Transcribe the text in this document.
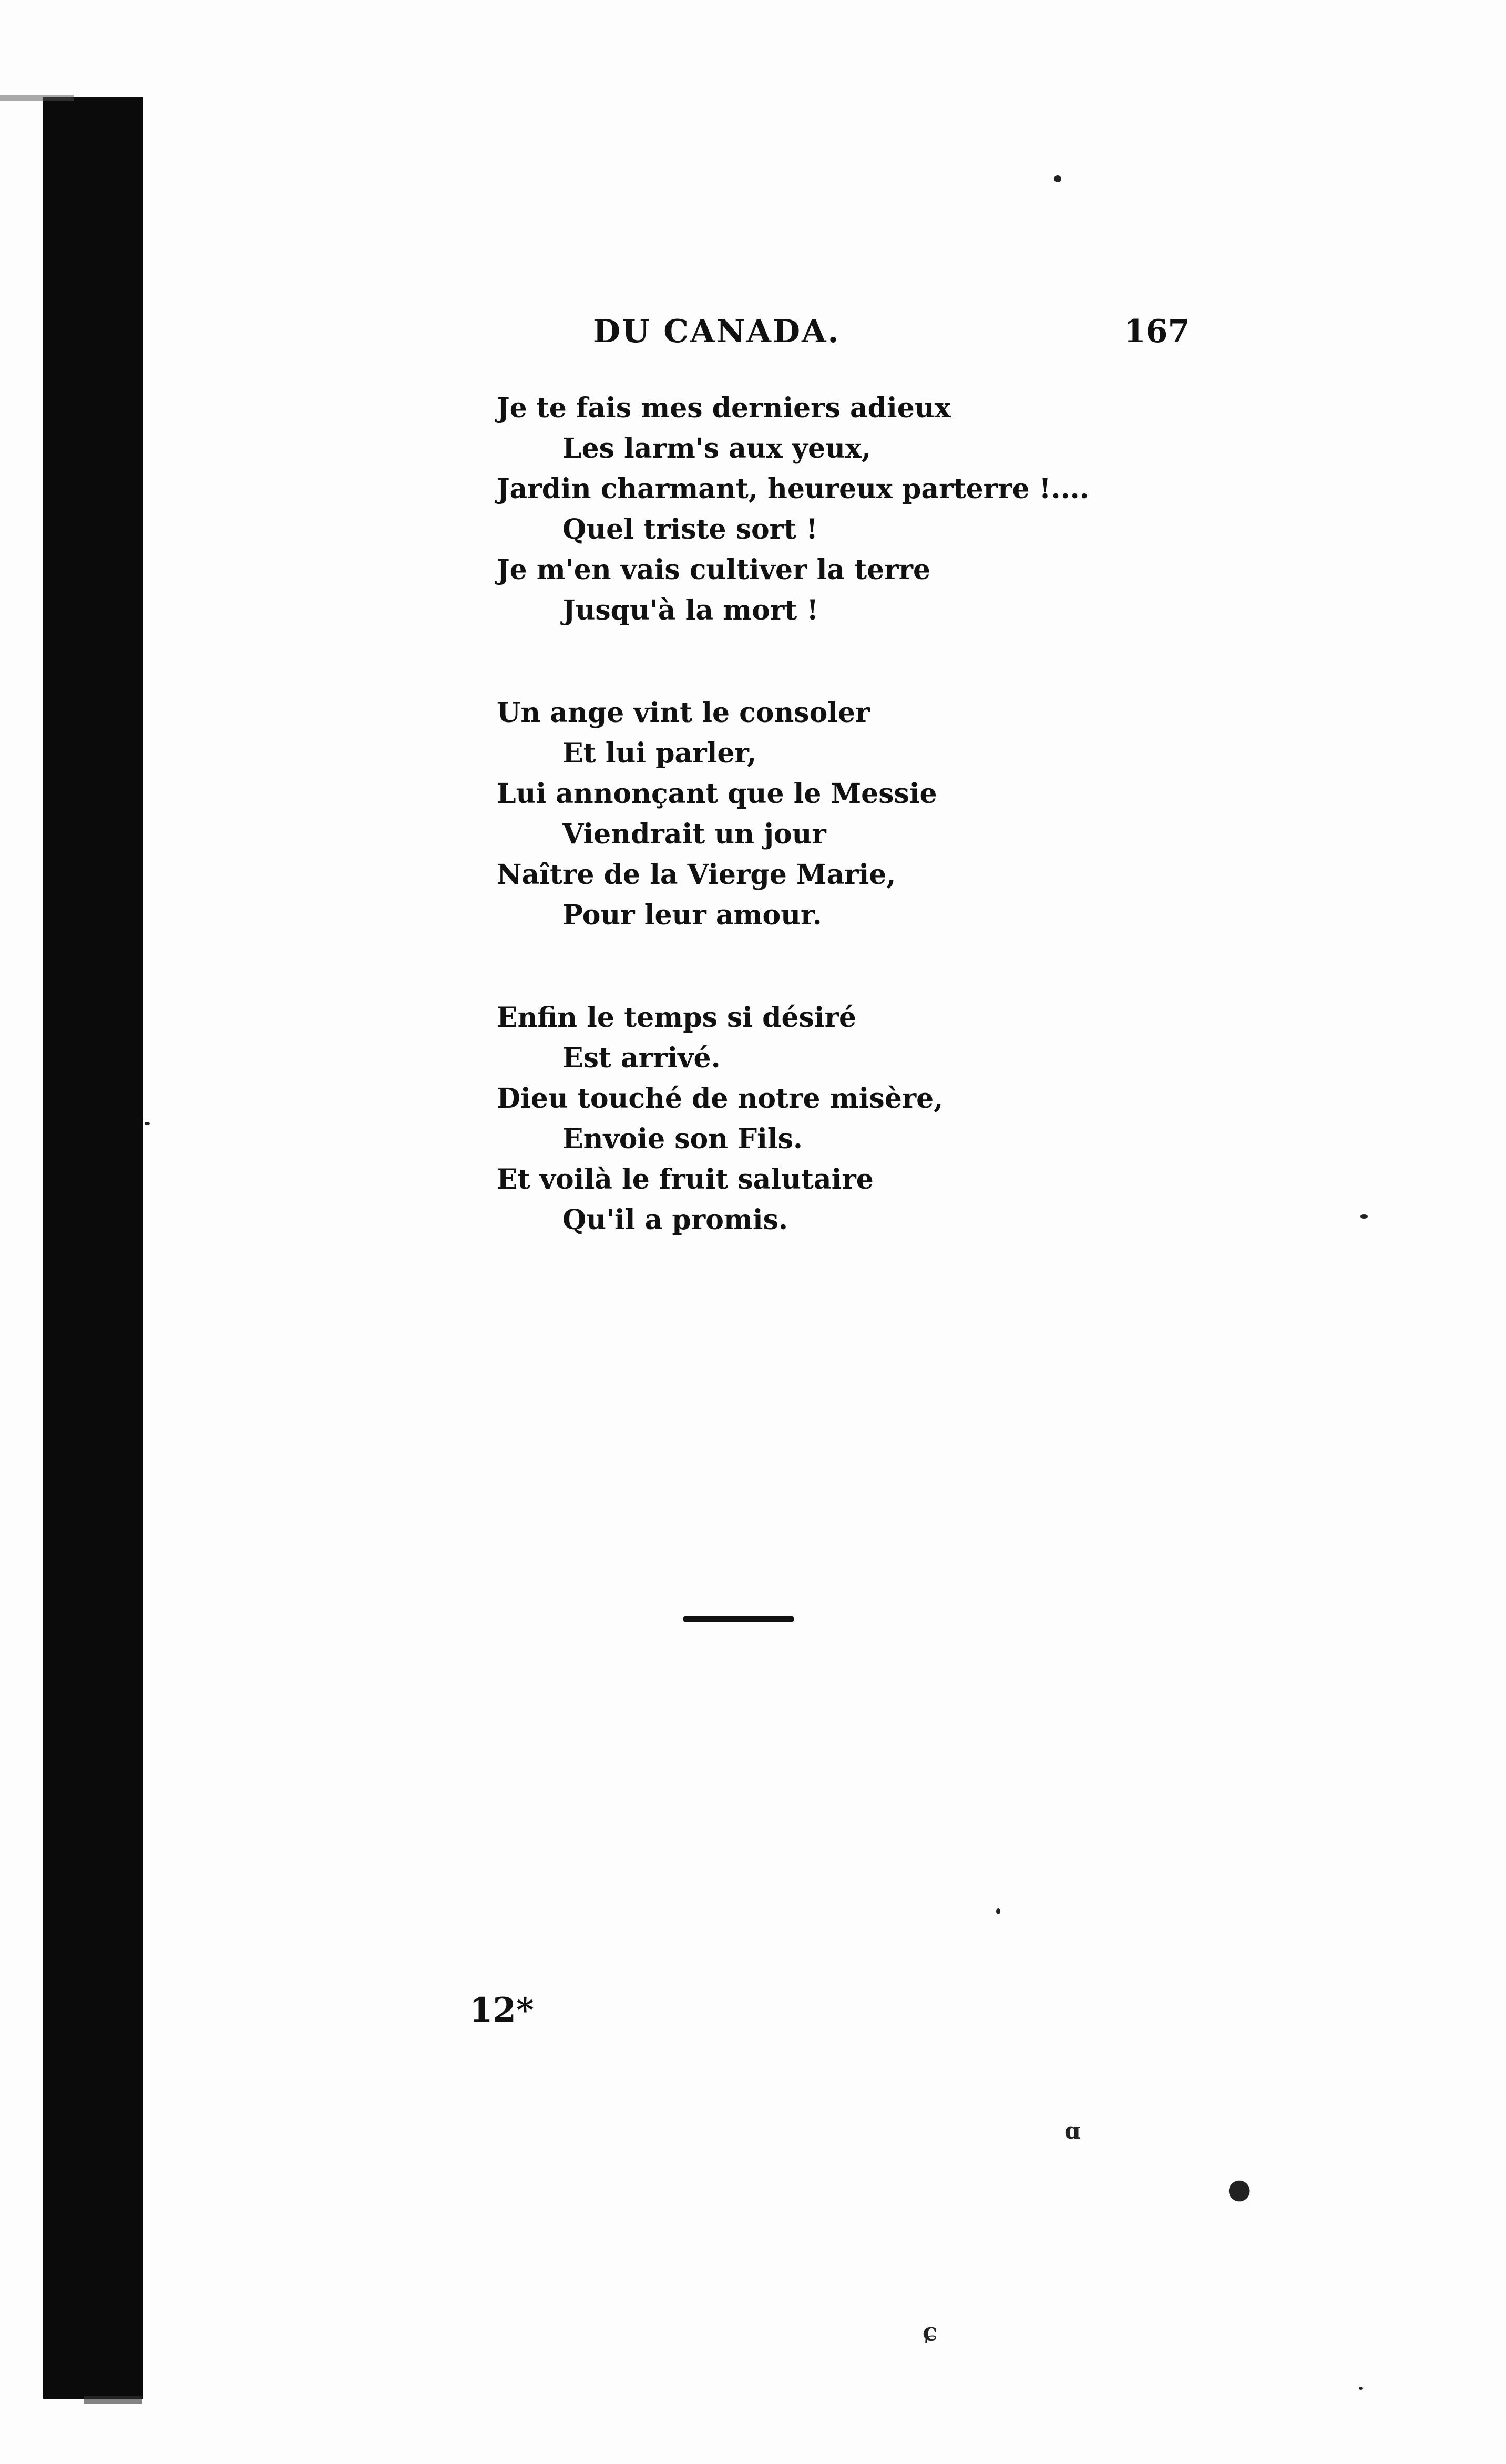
DU CANADA.	167
Je te fais mes derniers adieux
Les larm's aux yeux,
Jardin charmant, heureux parterre !....
Quel triste sort !
Je m'en vais cultiver la terre
Jusqu'à la mort !
Un ange vint le consoler
Et lui parler,
Lui annonçant que le Messie
Viendrait un jour
Naître de la Vierge Marie,
Pour leur amour.
Enfin le temps si désiré
Est arrivé.
Dieu touché de notre misère,
Envoie son Fils.
Et voilà le fruit salutaire
Qu'il a promis.
12*
ɑ
●
ɕ
